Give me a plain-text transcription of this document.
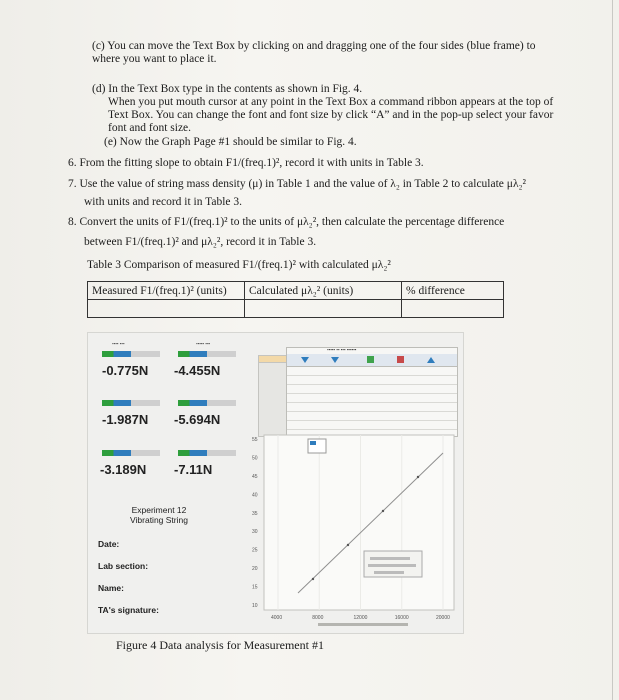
(c) You can move the Text Box by clicking on and dragging one of the four sides (blue frame) to where you want to place it.
(d) In the Text Box type in the contents as shown in Fig. 4.
When you put mouth cursor at any point in the Text Box a command ribbon appears at the top of
Text Box. You can change the font and font size by click “A” and in the pop-up select your favor
font and font size.
(e) Now the Graph Page #1 should be similar to Fig. 4.
6. From the fitting slope to obtain F1/(freq.1)², record it with units in Table 3.
7. Use the value of string mass density (μ) in Table 1 and the value of λ₂ in Table 2 to calculate μλ₂²
with units and record it in Table 3.
8. Convert the units of F1/(freq.1)² to the units of μλ₂², then calculate the percentage difference
between F1/(freq.1)² and μλ₂², record it in Table 3.
Table 3 Comparison of measured F1/(freq.1)² with calculated μλ₂²
Measured F1/(freq.1)² (units)	Calculated μλ₂² (units)	% difference

▪▪▪▪ ▪▪▪	▪▪▪▪▪ ▪▪▪
-0.775N -4.455N
-1.987N -5.694N
-3.189N -7.11N
Experiment 12
Vibrating String
Date:
Lab section:
Name:
TA's signature:
▪▪▪▪▪ ▪▪ ▪▪▪ ▪▪▪▪▪▪
55
50
45
40
35
30
25
20
15
10
4000	8000	12000	16000	20000
Figure 4 Data analysis for Measurement #1
